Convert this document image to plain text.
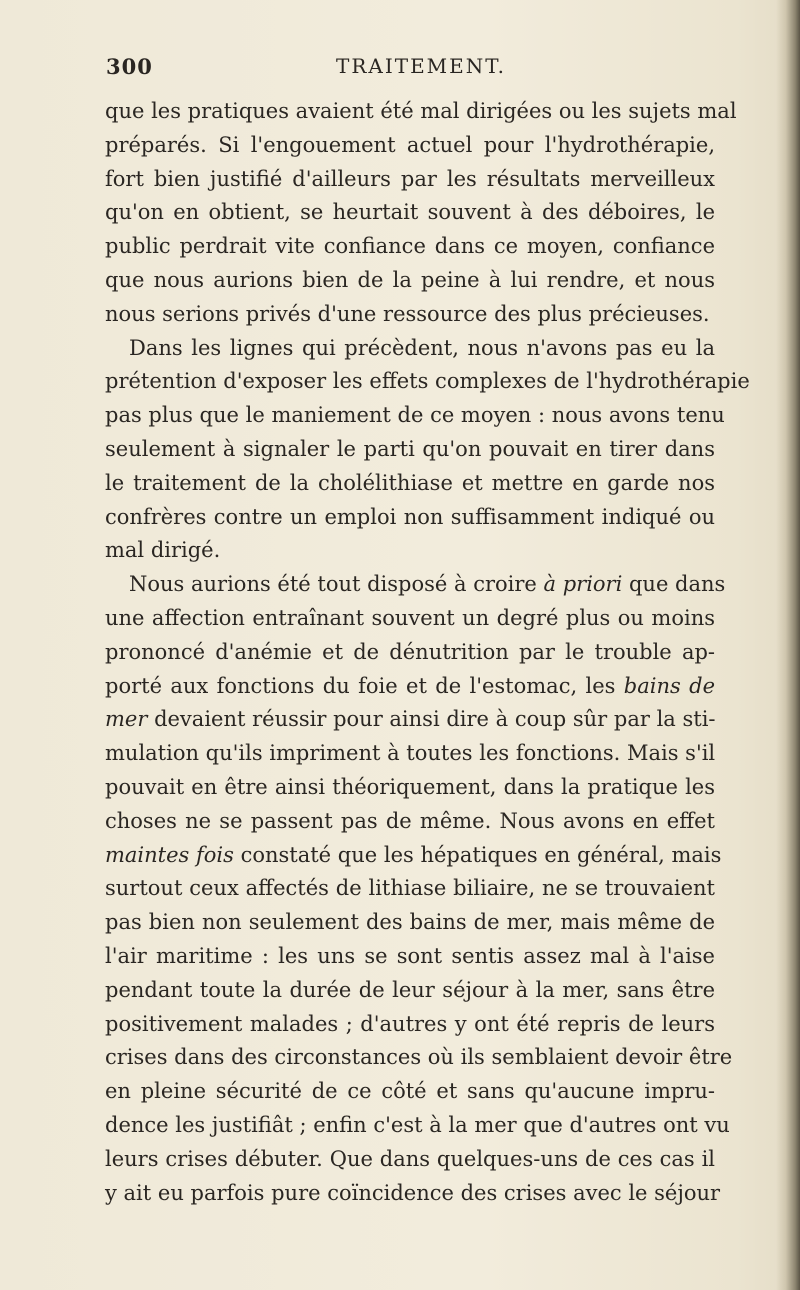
300	TRAITEMENT.
que les pratiques avaient été mal dirigées ou les sujets mal
préparés. Si l'engouement actuel pour l'hydrothérapie,
fort bien justifié d'ailleurs par les résultats merveilleux
qu'on en obtient, se heurtait souvent à des déboires, le
public perdrait vite confiance dans ce moyen, confiance
que nous aurions bien de la peine à lui rendre, et nous
nous serions privés d'une ressource des plus précieuses.
Dans les lignes qui précèdent, nous n'avons pas eu la
prétention d'exposer les effets complexes de l'hydrothérapie
pas plus que le maniement de ce moyen : nous avons tenu
seulement à signaler le parti qu'on pouvait en tirer dans
le traitement de la cholélithiase et mettre en garde nos
confrères contre un emploi non suffisamment indiqué ou
mal dirigé.
Nous aurions été tout disposé à croire à priori que dans
une affection entraînant souvent un degré plus ou moins
prononcé d'anémie et de dénutrition par le trouble ap-
porté aux fonctions du foie et de l'estomac, les bains de
mer devaient réussir pour ainsi dire à coup sûr par la sti-
mulation qu'ils impriment à toutes les fonctions. Mais s'il
pouvait en être ainsi théoriquement, dans la pratique les
choses ne se passent pas de même. Nous avons en effet
maintes fois constaté que les hépatiques en général, mais
surtout ceux affectés de lithiase biliaire, ne se trouvaient
pas bien non seulement des bains de mer, mais même de
l'air maritime : les uns se sont sentis assez mal à l'aise
pendant toute la durée de leur séjour à la mer, sans être
positivement malades ; d'autres y ont été repris de leurs
crises dans des circonstances où ils semblaient devoir être
en pleine sécurité de ce côté et sans qu'aucune impru-
dence les justifiât ; enfin c'est à la mer que d'autres ont vu
leurs crises débuter. Que dans quelques-uns de ces cas il
y ait eu parfois pure coïncidence des crises avec le séjour
